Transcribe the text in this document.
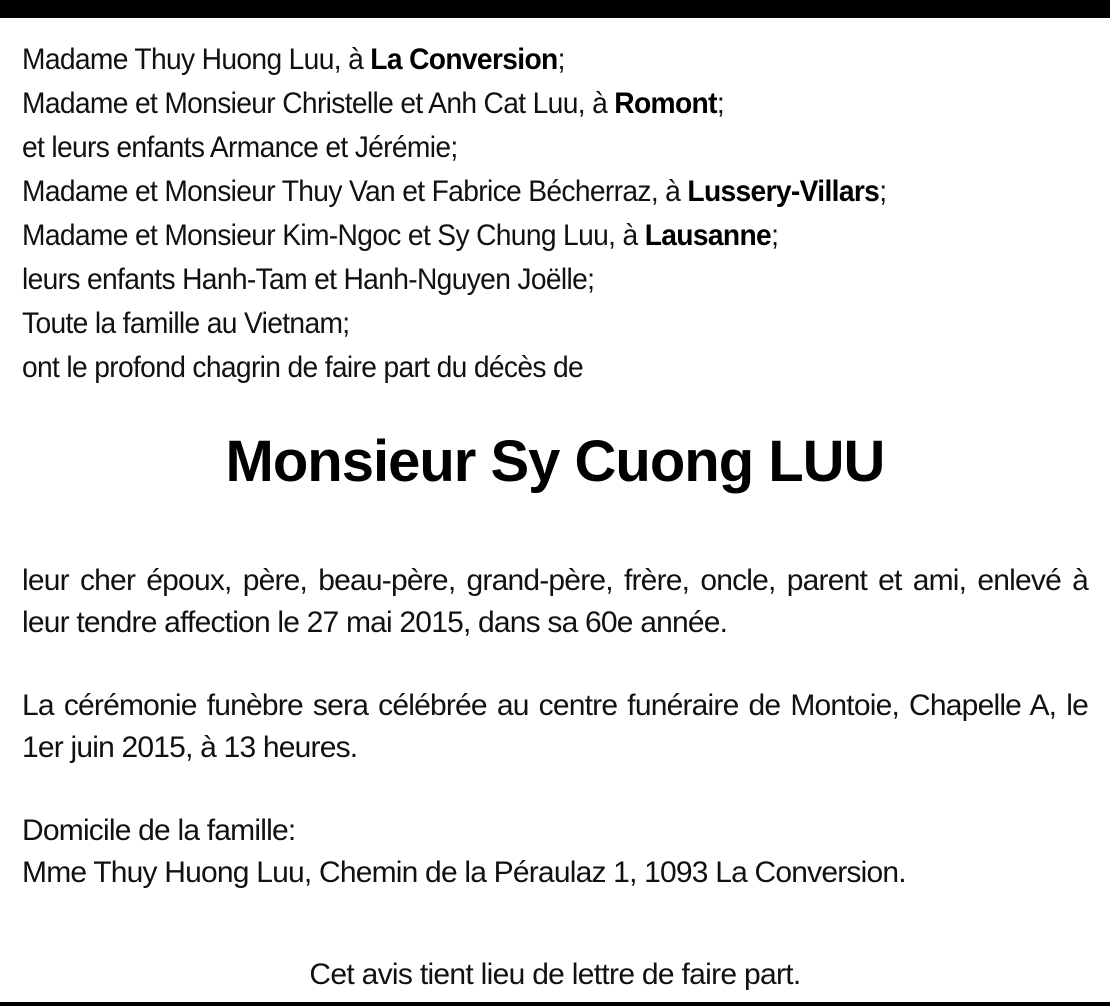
Madame Thuy Huong Luu, à La Conversion;
Madame et Monsieur Christelle et Anh Cat Luu, à Romont;
et leurs enfants Armance et Jérémie;
Madame et Monsieur Thuy Van et Fabrice Bécherraz, à Lussery-Villars;
Madame et Monsieur Kim-Ngoc et Sy Chung Luu, à Lausanne;
leurs enfants Hanh-Tam et Hanh-Nguyen Joëlle;
Toute la famille au Vietnam;
ont le profond chagrin de faire part du décès de
Monsieur Sy Cuong LUU
leur cher époux, père, beau-père, grand-père, frère, oncle, parent et ami, enlevé à leur tendre affection le 27 mai 2015, dans sa 60e année.
La cérémonie funèbre sera célébrée au centre funéraire de Montoie, Chapelle A, le 1er juin 2015, à 13 heures.
Domicile de la famille:
Mme Thuy Huong Luu, Chemin de la Péraulaz 1, 1093 La Conversion.
Cet avis tient lieu de lettre de faire part.
